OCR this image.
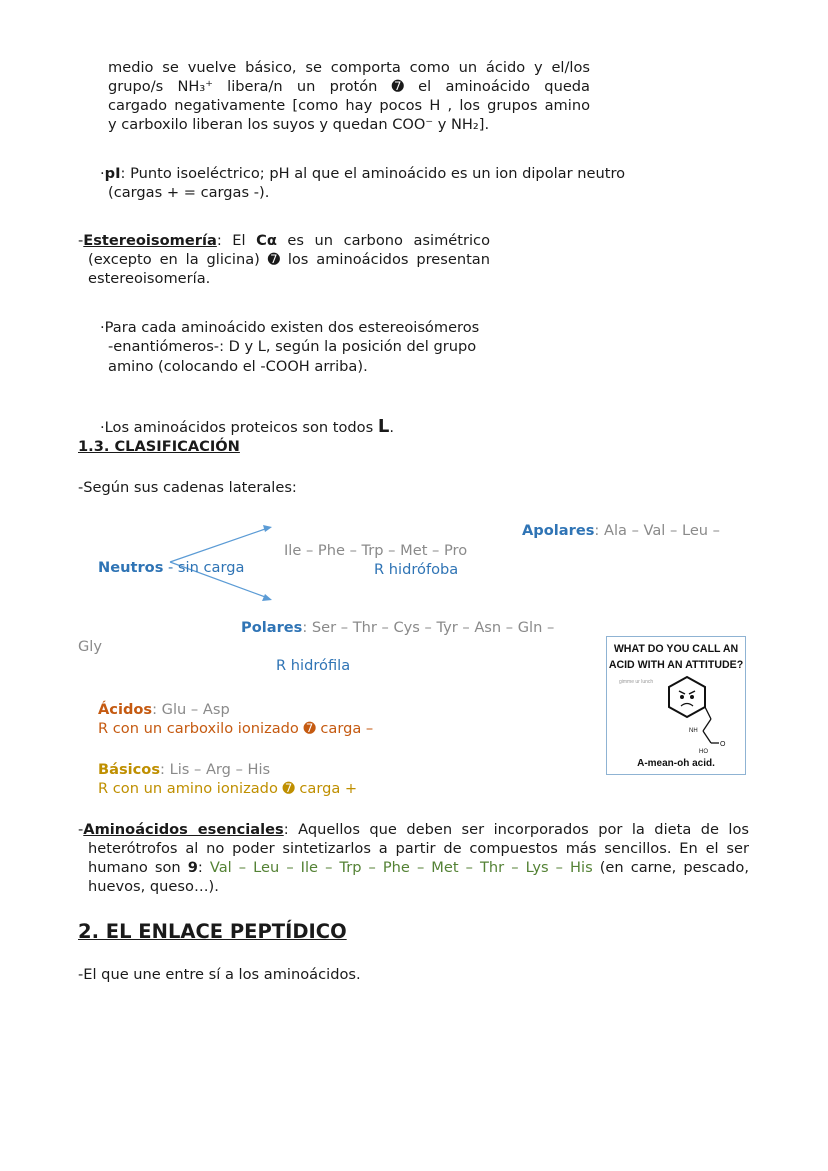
medio se vuelve básico, se comporta como un ácido y el/los
grupo/s NH₃⁺ libera/n un protón ➐ el aminoácido queda
cargado negativamente [como hay pocos H , los grupos amino
y carboxilo liberan los suyos y quedan COO⁻ y NH₂].
·pI: Punto isoeléctrico; pH al que el aminoácido es un ion dipolar neutro
(cargas + = cargas -).
-Estereoisomería: El Cα es un carbono asimétrico
(excepto en la glicina) ➐ los aminoácidos presentan
estereoisomería.
·Para cada aminoácido existen dos estereoisómeros
-enantiómeros-: D y L, según la posición del grupo
amino (colocando el -COOH arriba).
·Los aminoácidos proteicos son todos L.
1.3. CLASIFICACIÓN
-Según sus cadenas laterales:
Apolares: Ala – Val – Leu –
Ile – Phe – Trp – Met – Pro
Neutros - sin carga	R hidrófoba
Polares: Ser – Thr – Cys – Tyr – Asn – Gln –
Gly
R hidrófila
Ácidos: Glu – Asp
R con un carboxilo ionizado ➐ carga –
Básicos: Lis – Arg – His
R con un amino ionizado ➐ carga +
WHAT DO YOU CALL AN
ACID WITH AN ATTITUDE?
gimme ur lunch
NH
HO
O
A-mean-oh acid.
-Aminoácidos esenciales: Aquellos que deben ser incorporados por la dieta de los
heterótrofos al no poder sintetizarlos a partir de compuestos más sencillos. En el ser
humano son 9: Val – Leu – Ile – Trp – Phe – Met – Thr – Lys – His (en carne, pescado,
huevos, queso…).
2. EL ENLACE PEPTÍDICO
-El que une entre sí a los aminoácidos.
